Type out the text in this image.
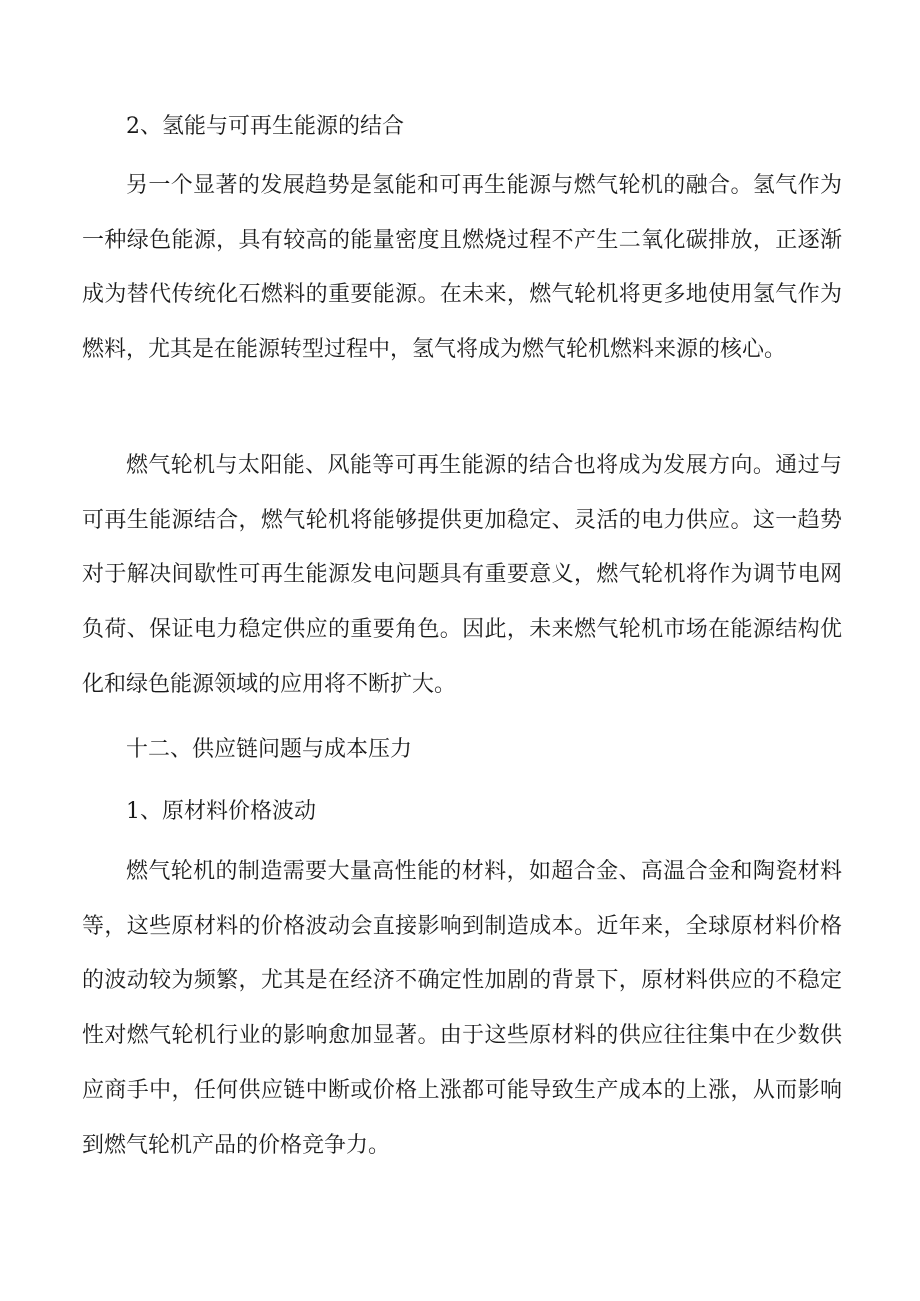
2、氢能与可再生能源的结合

另一个显著的发展趋势是氢能和可再生能源与燃气轮机的融合。氢气作为一种绿色能源，具有较高的能量密度且燃烧过程不产生二氧化碳排放，正逐渐成为替代传统化石燃料的重要能源。在未来，燃气轮机将更多地使用氢气作为燃料，尤其是在能源转型过程中，氢气将成为燃气轮机燃料来源的核心。

燃气轮机与太阳能、风能等可再生能源的结合也将成为发展方向。通过与可再生能源结合，燃气轮机将能够提供更加稳定、灵活的电力供应。这一趋势对于解决间歇性可再生能源发电问题具有重要意义，燃气轮机将作为调节电网负荷、保证电力稳定供应的重要角色。因此，未来燃气轮机市场在能源结构优化和绿色能源领域的应用将不断扩大。

十二、供应链问题与成本压力
1、原材料价格波动

燃气轮机的制造需要大量高性能的材料，如超合金、高温合金和陶瓷材料等，这些原材料的价格波动会直接影响到制造成本。近年来，全球原材料价格的波动较为频繁，尤其是在经济不确定性加剧的背景下，原材料供应的不稳定性对燃气轮机行业的影响愈加显著。由于这些原材料的供应往往集中在少数供应商手中，任何供应链中断或价格上涨都可能导致生产成本的上涨，从而影响到燃气轮机产品的价格竞争力。
